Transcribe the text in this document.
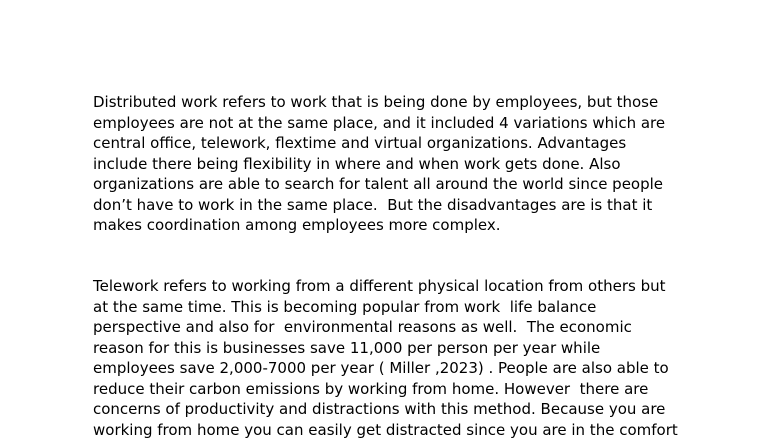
Distributed work refers to work that is being done by employees, but those
employees are not at the same place, and it included 4 variations which are
central office, telework, flextime and virtual organizations. Advantages
include there being flexibility in where and when work gets done. Also
organizations are able to search for talent all around the world since people
don’t have to work in the same place.  But the disadvantages are is that it
makes coordination among employees more complex.

Telework refers to working from a different physical location from others but
at the same time. This is becoming popular from work  life balance
perspective and also for  environmental reasons as well.  The economic
reason for this is businesses save 11,000 per person per year while
employees save 2,000-7000 per year ( Miller ,2023) . People are also able to
reduce their carbon emissions by working from home. However  there are
concerns of productivity and distractions with this method. Because you are
working from home you can easily get distracted since you are in the comfort
